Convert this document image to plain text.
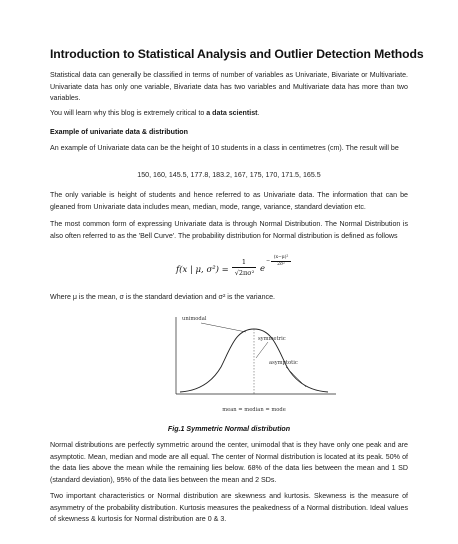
Introduction to Statistical Analysis and Outlier Detection Methods
Statistical data can generally be classified in terms of number of variables as Univariate, Bivariate or Multivariate. Univariate data has only one variable, Bivariate data has two variables and Multivariate data has more than two variables.
You will learn why this blog is extremely critical to a data scientist.
Example of univariate data & distribution
An example of Univariate data can be the height of 10 students in a class in centimetres (cm). The result will be
150, 160, 145.5, 177.8, 183.2, 167, 175, 170, 171.5, 165.5
The only variable is height of students and hence referred to as Univariate data. The information that can be gleaned from Univariate data includes mean, median, mode, range, variance, standard deviation etc.
The most common form of expressing Univariate data is through Normal Distribution. The Normal Distribution is also often referred to as the 'Bell Curve'. The probability distribution for Normal distribution is defined as follows
f(x | μ, σ²) =
1
√2πσ² e
−
(x−μ)²
2σ²
Where μ is the mean, σ is the standard deviation and σ² is the variance.
unimodal
symmetric
asymptotic
mean = median = mode
Fig.1 Symmetric Normal distribution
Normal distributions are perfectly symmetric around the center, unimodal that is they have only one peak and are asymptotic. Mean, median and mode are all equal. The center of Normal distribution is located at its peak. 50% of the data lies above the mean while the remaining lies below. 68% of the data lies between the mean and 1 SD (standard deviation), 95% of the data lies between the mean and 2 SDs.
Two important characteristics or Normal distribution are skewness and kurtosis. Skewness is the measure of asymmetry of the probability distribution. Kurtosis measures the peakedness of a Normal distribution. Ideal values of skewness & kurtosis for Normal distribution are 0 & 3.
